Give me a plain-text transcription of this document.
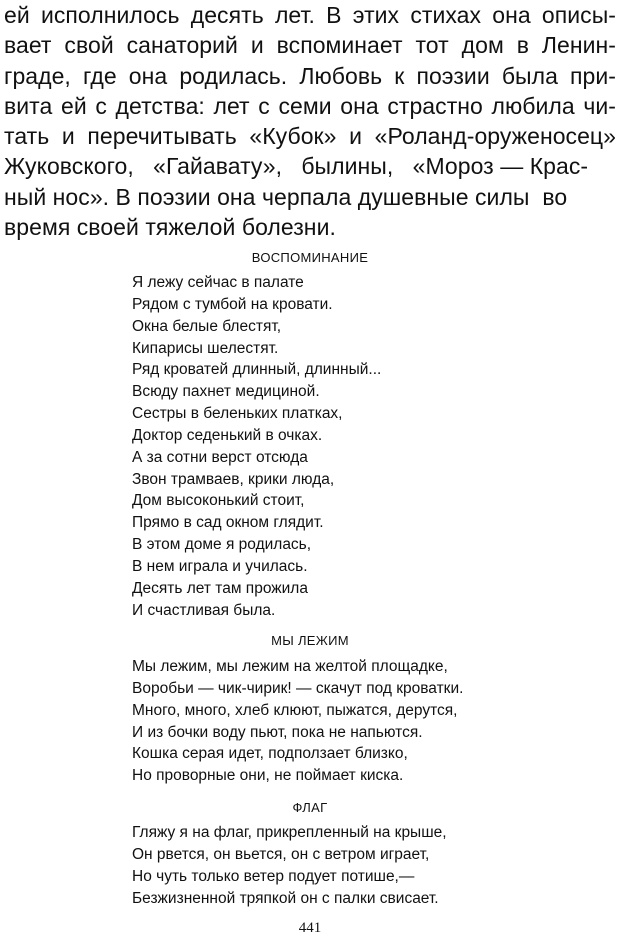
ей исполнилось десять лет. В этих стихах она описы-
вает свой санаторий и вспоминает тот дом в Ленин-
граде, где она родилась. Любовь к поэзии была при-
вита ей с детства: лет с семи она страстно любила чи-
тать и перечитывать «Кубок» и «Роланд-оруженосец»
Жуковского,   «Гайавату»,   былины,   «Мороз — Крас-
ный нос». В поэзии она черпала душевные силы  во
время своей тяжелой болезни.
ВОСПОМИНАНИЕ
Я лежу сейчас в палате
Рядом с тумбой на кровати.
Окна белые блестят,
Кипарисы шелестят.
Ряд кроватей длинный, длинный...
Всюду пахнет медициной.
Сестры в беленьких платках,
Доктор седенький в очках.
А за сотни верст отсюда
Звон трамваев, крики люда,
Дом высоконький стоит,
Прямо в сад окном глядит.
В этом доме я родилась,
В нем играла и училась.
Десять лет там прожила
И счастливая была.
МЫ ЛЕЖИМ
Мы лежим, мы лежим на желтой площадке,
Воробьи — чик-чирик! — скачут под кроватки.
Много, много, хлеб клюют, пыжатся, дерутся,
И из бочки воду пьют, пока не напьются.
Кошка серая идет, подползает близко,
Но проворные они, не поймает киска.
ФЛАГ
Гляжу я на флаг, прикрепленный на крыше,
Он рвется, он вьется, он с ветром играет,
Но чуть только ветер подует потише,—
Безжизненной тряпкой он с палки свисает.
441
